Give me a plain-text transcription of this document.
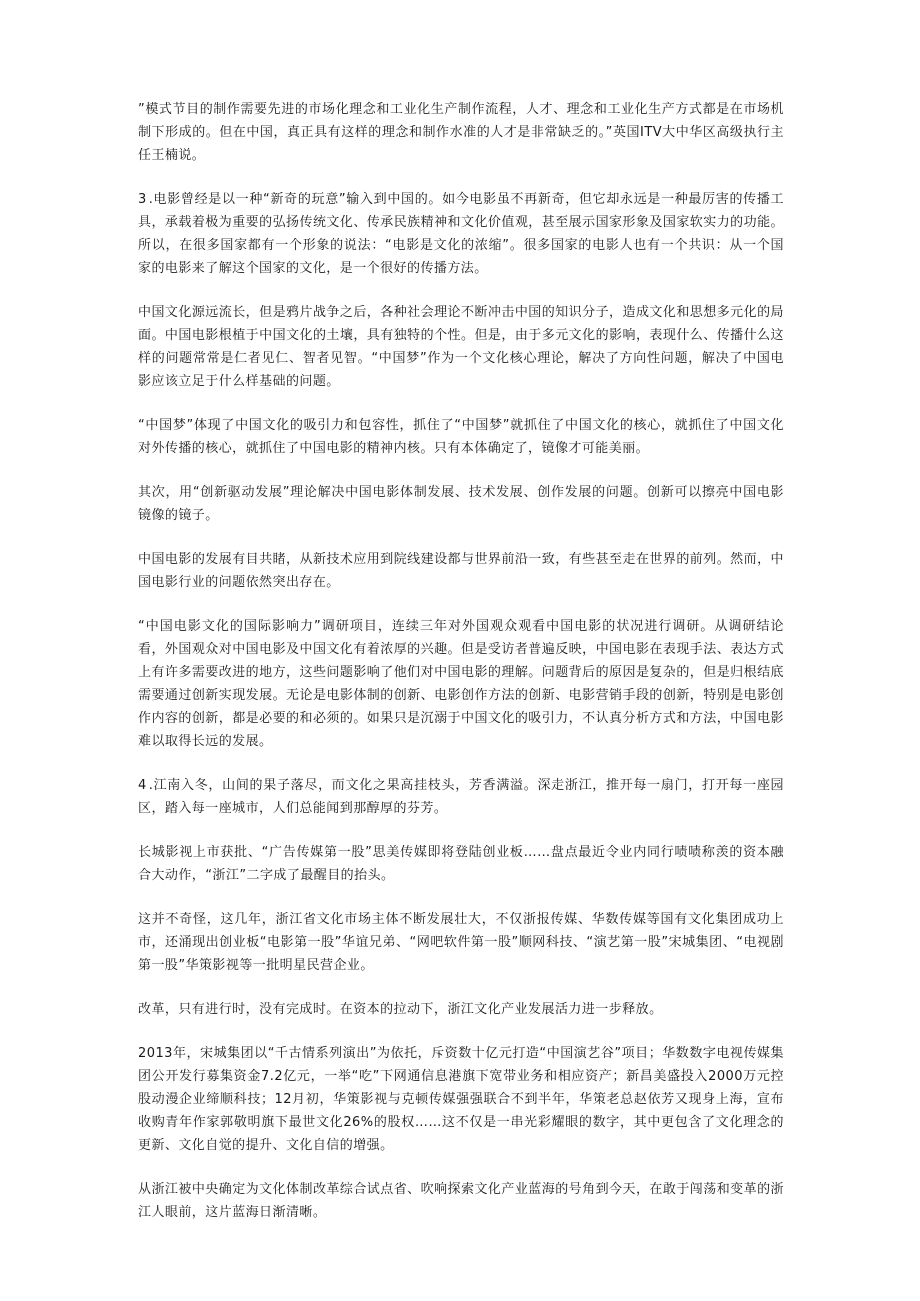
”模式节目的制作需要先进的市场化理念和工业化生产制作流程，人才、理念和工业化生产方式都是在市场机制下形成的。但在中国，真正具有这样的理念和制作水准的人才是非常缺乏的。”英国ITV大中华区高级执行主任王楠说。

3 .电影曾经是以一种“新奇的玩意”输入到中国的。如今电影虽不再新奇，但它却永远是一种最厉害的传播工具，承载着极为重要的弘扬传统文化、传承民族精神和文化价值观，甚至展示国家形象及国家软实力的功能。所以，在很多国家都有一个形象的说法：“电影是文化的浓缩”。很多国家的电影人也有一个共识：从一个国家的电影来了解这个国家的文化，是一个很好的传播方法。

中国文化源远流长，但是鸦片战争之后，各种社会理论不断冲击中国的知识分子，造成文化和思想多元化的局面。中国电影根植于中国文化的土壤，具有独特的个性。但是，由于多元文化的影响，表现什么、传播什么这样的问题常常是仁者见仁、智者见智。“中国梦”作为一个文化核心理论，解决了方向性问题，解决了中国电影应该立足于什么样基础的问题。

“中国梦”体现了中国文化的吸引力和包容性，抓住了“中国梦”就抓住了中国文化的核心，就抓住了中国文化对外传播的核心，就抓住了中国电影的精神内核。只有本体确定了，镜像才可能美丽。

其次，用“创新驱动发展”理论解决中国电影体制发展、技术发展、创作发展的问题。创新可以擦亮中国电影镜像的镜子。

中国电影的发展有目共睹，从新技术应用到院线建设都与世界前沿一致，有些甚至走在世界的前列。然而，中国电影行业的问题依然突出存在。

“中国电影文化的国际影响力”调研项目，连续三年对外国观众观看中国电影的状况进行调研。从调研结论看，外国观众对中国电影及中国文化有着浓厚的兴趣。但是受访者普遍反映，中国电影在表现手法、表达方式上有许多需要改进的地方，这些问题影响了他们对中国电影的理解。问题背后的原因是复杂的，但是归根结底需要通过创新实现发展。无论是电影体制的创新、电影创作方法的创新、电影营销手段的创新，特别是电影创作内容的创新，都是必要的和必须的。如果只是沉溺于中国文化的吸引力，不认真分析方式和方法，中国电影难以取得长远的发展。

4 .江南入冬，山间的果子落尽，而文化之果高挂枝头，芳香满溢。深走浙江，推开每一扇门，打开每一座园区，踏入每一座城市，人们总能闻到那醇厚的芬芳。

长城影视上市获批、“广告传媒第一股”思美传媒即将登陆创业板……盘点最近令业内同行啧啧称羡的资本融合大动作，“浙江”二字成了最醒目的抬头。

这并不奇怪，这几年，浙江省文化市场主体不断发展壮大，不仅浙报传媒、华数传媒等国有文化集团成功上市，还涌现出创业板“电影第一股”华谊兄弟、“网吧软件第一股”顺网科技、“演艺第一股”宋城集团、“电视剧第一股”华策影视等一批明星民营企业。

改革，只有进行时，没有完成时。在资本的拉动下，浙江文化产业发展活力进一步释放。

2013年，宋城集团以“千古情系列演出”为依托，斥资数十亿元打造“中国演艺谷”项目；华数数字电视传媒集团公开发行募集资金7.2亿元，一举“吃”下网通信息港旗下宽带业务和相应资产；新昌美盛投入2000万元控股动漫企业缔顺科技；12月初，华策影视与克顿传媒强强联合不到半年，华策老总赵依芳又现身上海，宣布收购青年作家郭敬明旗下最世文化26%的股权……这不仅是一串光彩耀眼的数字，其中更包含了文化理念的更新、文化自觉的提升、文化自信的增强。

从浙江被中央确定为文化体制改革综合试点省、吹响探索文化产业蓝海的号角到今天，在敢于闯荡和变革的浙江人眼前，这片蓝海日渐清晰。
